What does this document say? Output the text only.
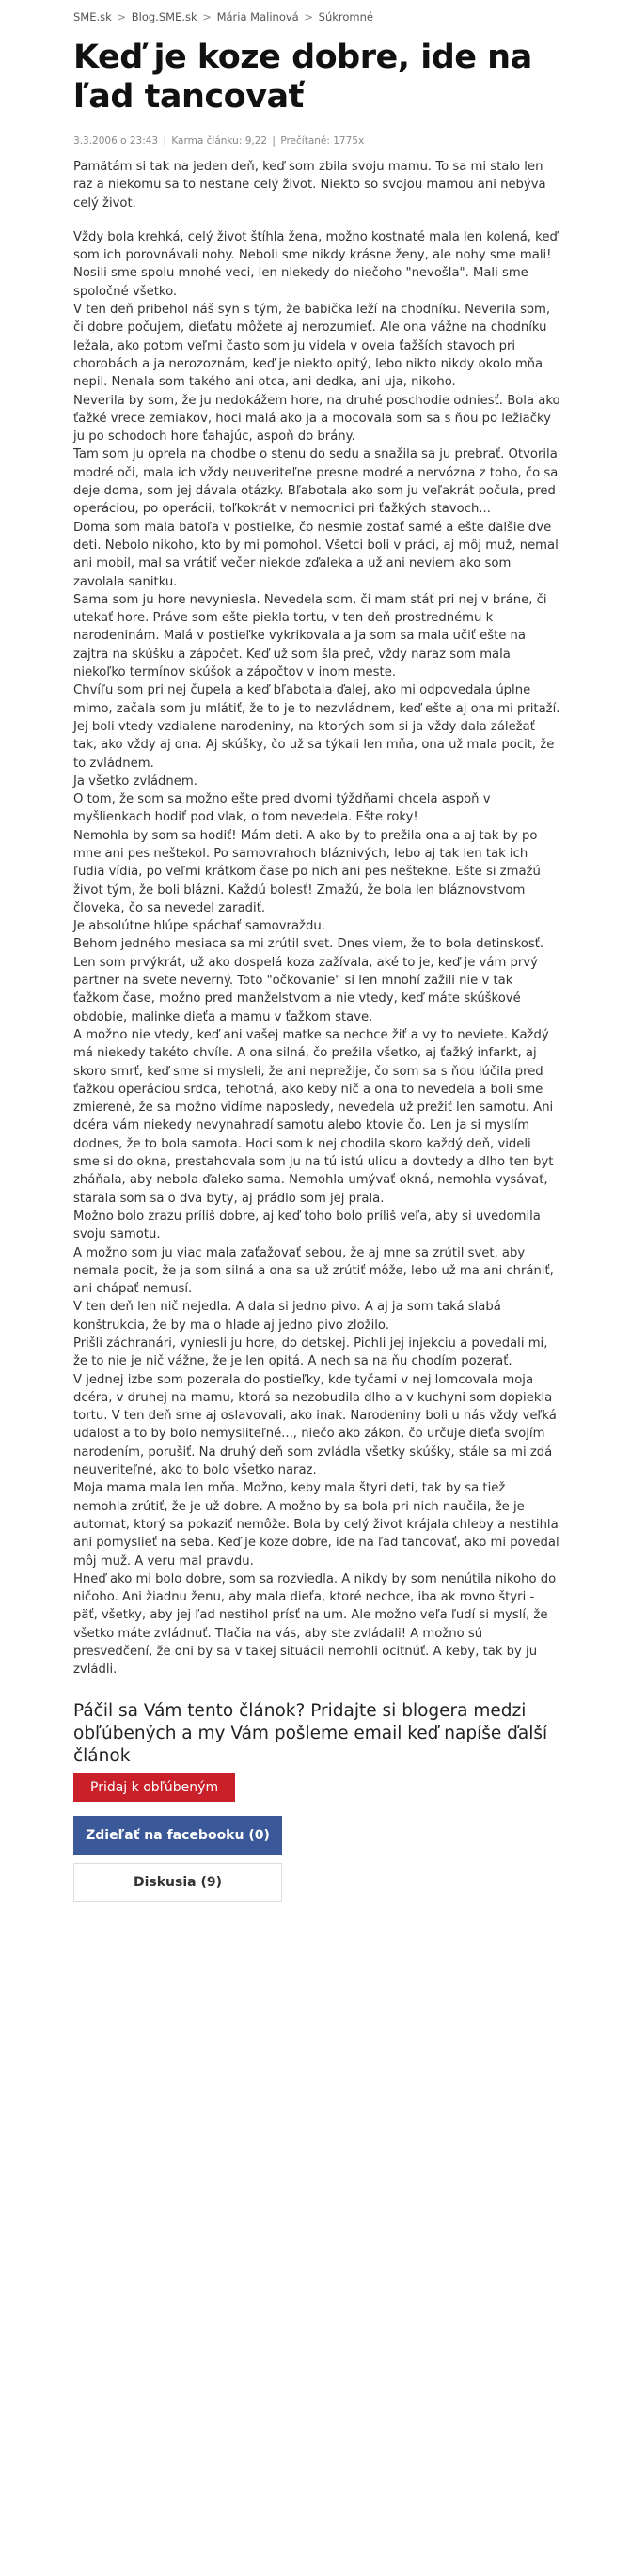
SME.sk > Blog.SME.sk > Mária Malinová > Súkromné
Keď je koze dobre, ide na ľad tancovať
3.3.2006 o 23:43 | Karma článku: 9,22 | Prečítané: 1775x

Pamätám si tak na jeden deň, keď som zbila svoju mamu. To sa mi stalo len raz a niekomu sa to nestane celý život. Niekto so svojou mamou ani nebýva celý život.

Vždy bola krehká, celý život štíhla žena, možno kostnaté mala len kolená, keď som ich porovnávali nohy. Neboli sme nikdy krásne ženy, ale nohy sme mali! Nosili sme spolu mnohé veci, len niekedy do niečoho "nevošla". Mali sme spoločné všetko.

V ten deň pribehol náš syn s tým, že babička leží na chodníku. Neverila som, či dobre počujem, dieťatu môžete aj nerozumieť. Ale ona vážne na chodníku ležala, ako potom veľmi často som ju videla v ovela ťažších stavoch pri chorobách a ja nerozoznám, keď je niekto opitý, lebo nikto nikdy okolo mňa nepil. Nenala som takého ani otca, ani dedka, ani uja, nikoho.

Neverila by som, že ju nedokážem hore, na druhé poschodie odniesť. Bola ako ťažké vrece zemiakov, hoci malá ako ja a mocovala som sa s ňou po ležiačky ju po schodoch hore ťahajúc, aspoň do brány.

Tam som ju oprela na chodbe o stenu do sedu a snažila sa ju prebrať. Otvorila modré oči, mala ich vždy neuveriteľne presne modré a nervózna z toho, čo sa deje doma, som jej dávala otázky. Bľabotala ako som ju veľakrát počula, pred operáciou, po operácii, toľkokrát v nemocnici pri ťažkých stavoch...

Doma som mala batoľa v postieľke, čo nesmie zostať samé a ešte ďalšie dve deti. Nebolo nikoho, kto by mi pomohol. Všetci boli v práci, aj môj muž, nemal ani mobil, mal sa vrátiť večer niekde zďaleka a už ani neviem ako som zavolala sanitku.

Sama som ju hore nevyniesla. Nevedela som, či mam stáť pri nej v bráne, či utekať hore. Práve som ešte piekla tortu, v ten deň prostrednému k narodeninám. Malá v postieľke vykrikovala a ja som sa mala učiť ešte na zajtra na skúšku a zápočet. Keď už som šla preč, vždy naraz som mala niekoľko termínov skúšok a zápočtov v inom meste.

Chvíľu som pri nej čupela a keď bľabotala ďalej, ako mi odpovedala úplne mimo, začala som ju mlátiť, že to je to nezvládnem, keď ešte aj ona mi pritaží.

Jej boli vtedy vzdialene narodeniny, na ktorých som si ja vždy dala záležať tak, ako vždy aj ona. Aj skúšky, čo už sa týkali len mňa, ona už mala pocit, že to zvládnem.

Ja všetko zvládnem.

O tom, že som sa možno ešte pred dvomi týždňami chcela aspoň v myšlienkach hodiť pod vlak, o tom nevedela. Ešte roky!

Nemohla by som sa hodiť! Mám deti. A ako by to prežila ona a aj tak by po mne ani pes neštekol. Po samovrahoch bláznivých, lebo aj tak len tak ich ľudia vídia, po veľmi krátkom čase po nich ani pes neštekne. Ešte si zmažú život tým, že boli blázni. Každú bolesť! Zmažú, že bola len bláznovstvom človeka, čo sa nevedel zaradiť.

Je absolútne hlúpe spáchať samovraždu.

Behom jedného mesiaca sa mi zrútil svet. Dnes viem, že to bola detinskosť. Len som prvýkrát, už ako dospelá koza zažívala, aké to je, keď je vám prvý partner na svete neverný. Toto "očkovanie" si len mnohí zažili nie v tak ťažkom čase, možno pred manželstvom a nie vtedy, keď máte skúškové obdobie, malinke dieťa a mamu v ťažkom stave.

A možno nie vtedy, keď ani vašej matke sa nechce žiť a vy to neviete. Každý má niekedy takéto chvíle. A ona silná, čo prežila všetko, aj ťažký infarkt, aj skoro smrť, keď sme si mysleli, že ani neprežije, čo som sa s ňou lúčila pred ťažkou operáciou srdca, tehotná, ako keby nič a ona to nevedela a boli sme zmierené, že sa možno vidíme naposledy, nevedela už prežiť len samotu. Ani dcéra vám niekedy nevynahradí samotu alebo ktovie čo. Len ja si myslím dodnes, že to bola samota. Hoci som k nej chodila skoro každý deň, videli sme si do okna, prestahovala som ju na tú istú ulicu a dovtedy a dlho ten byt zháňala, aby nebola ďaleko sama. Nemohla umývať okná, nemohla vysávať, starala som sa o dva byty, aj prádlo som jej prala.

Možno bolo zrazu príliš dobre, aj keď toho bolo príliš veľa, aby si uvedomila svoju samotu.

A možno som ju viac mala zaťažovať sebou, že aj mne sa zrútil svet, aby nemala pocit, že ja som silná a ona sa už zrútiť môže, lebo už ma ani chrániť, ani chápať nemusí.

V ten deň len nič nejedla. A dala si jedno pivo. A aj ja som taká slabá konštrukcia, že by ma o hlade aj jedno pivo zložilo.

Prišli záchranári, vyniesli ju hore, do detskej. Pichli jej injekciu a povedali mi, že to nie je nič vážne, že je len opitá. A nech sa na ňu chodím pozerať.

V jednej izbe som pozerala do postieľky, kde tyčami v nej lomcovala moja dcéra, v druhej na mamu, ktorá sa nezobudila dlho a v kuchyni som dopiekla tortu. V ten deň sme aj oslavovali, ako inak. Narodeniny boli u nás vždy veľká udalosť a to by bolo nemysliteľné..., niečo ako zákon, čo určuje dieťa svojím narodením, porušiť. Na druhý deň som zvládla všetky skúšky, stále sa mi zdá neuveriteľné, ako to bolo všetko naraz.

Moja mama mala len mňa. Možno, keby mala štyri deti, tak by sa tiež nemohla zrútiť, že je už dobre. A možno by sa bola pri nich naučila, že je automat, ktorý sa pokaziť nemôže. Bola by celý život krájala chleby a nestihla ani pomyslieť na seba. Keď je koze dobre, ide na ľad tancovať, ako mi povedal môj muž. A veru mal pravdu.

Hneď ako mi bolo dobre, som sa rozviedla. A nikdy by som nenútila nikoho do ničoho. Ani žiadnu ženu, aby mala dieťa, ktoré nechce, iba ak rovno štyri - päť, všetky, aby jej ľad nestihol prísť na um. Ale možno veľa ľudí si myslí, že všetko máte zvládnuť. Tlačia na vás, aby ste zvládali! A možno sú presvedčení, že oni by sa v takej situácii nemohli ocitnúť. A keby, tak by ju zvládli.

Páčil sa Vám tento článok? Pridajte si blogera medzi obľúbených a my Vám pošleme email keď napíše ďalší článok

Pridaj k obľúbeným
Zdieľať na facebooku (0)
Diskusia (9)
